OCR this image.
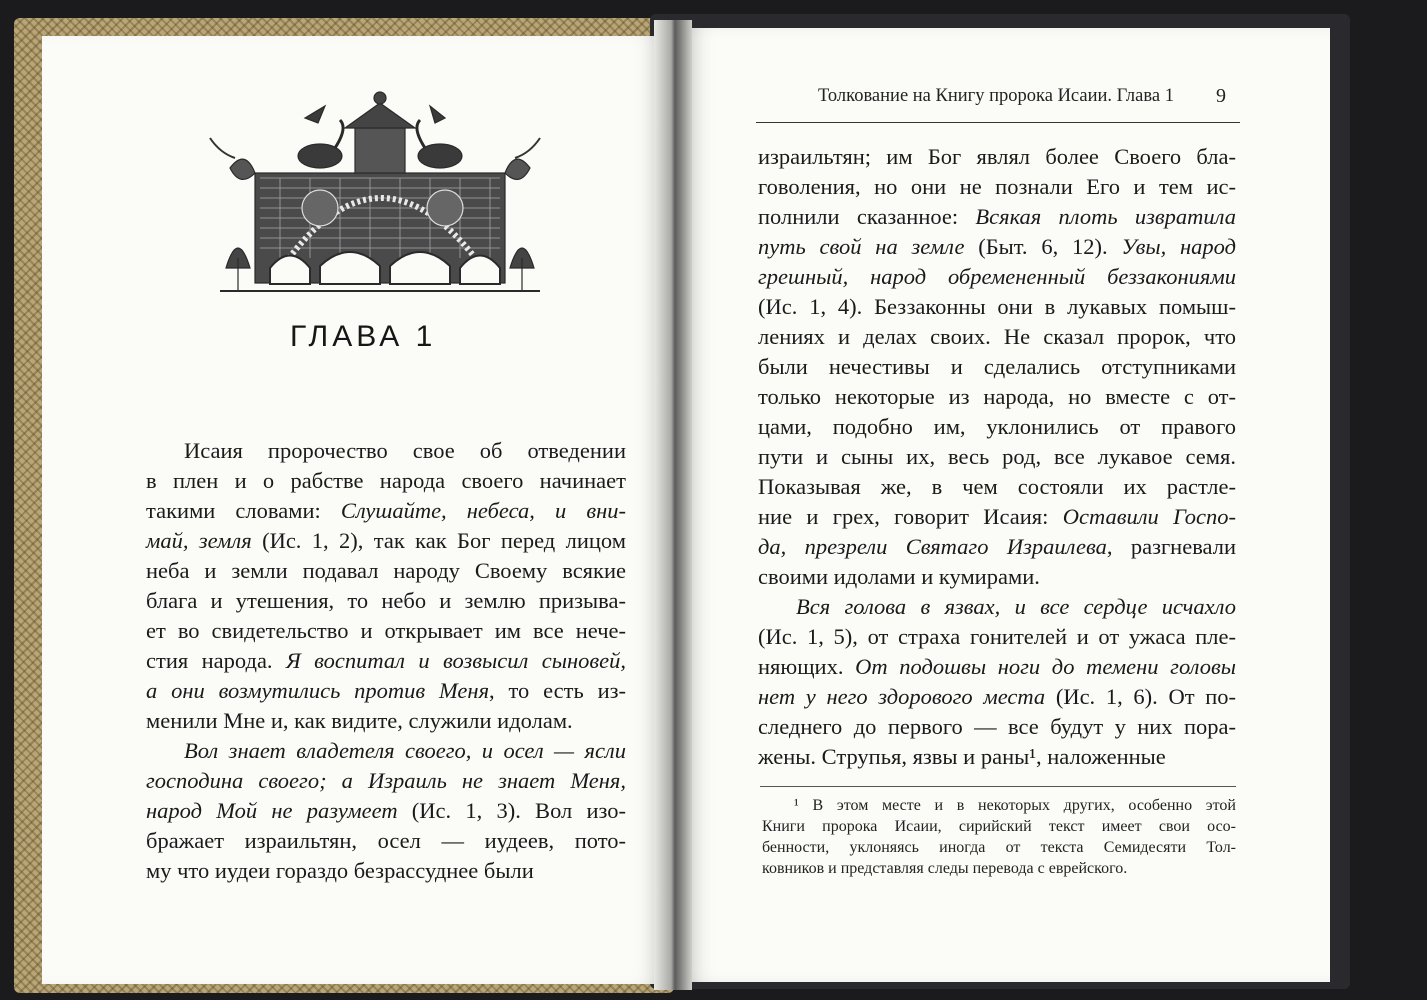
ГЛАВА 1
Исаия пророчество свое об отведении
в плен и о рабстве народа своего начинает
такими словами: Слушайте, небеса, и вни-
май, земля (Ис. 1, 2), так как Бог перед лицом
неба и земли подавал народу Своему всякие
блага и утешения, то небо и землю призыва-
ет во свидетельство и открывает им все нече-
стия народа. Я воспитал и возвысил сыновей,
а они возмутились против Меня, то есть из-
менили Мне и, как видите, служили идолам.
Вол знает владетеля своего, и осел — ясли
господина своего; а Израиль не знает Меня,
народ Мой не разумеет (Ис. 1, 3). Вол изо-
бражает израильтян, осел — иудеев, пото-
му что иудеи гораздо безрассуднее были
Толкование на Книгу пророка Исаии. Глава 1 9
израильтян; им Бог являл более Своего бла-
говоления, но они не познали Его и тем ис-
полнили сказанное: Всякая плоть извратила
путь свой на земле (Быт. 6, 12). Увы, народ
грешный, народ обремененный беззакониями
(Ис. 1, 4). Беззаконны они в лукавых помыш-
лениях и делах своих. Не сказал пророк, что
были нечестивы и сделались отступниками
только некоторые из народа, но вместе с от-
цами, подобно им, уклонились от правого
пути и сыны их, весь род, все лукавое семя.
Показывая же, в чем состояли их растле-
ние и грех, говорит Исаия: Оставили Госпо-
да, презрели Святаго Израилева, разгневали
своими идолами и кумирами.
Вся голова в язвах, и все сердце исчахло
(Ис. 1, 5), от страха гонителей и от ужаса пле-
няющих. От подошвы ноги до темени головы
нет у него здорового места (Ис. 1, 6). От по-
следнего до первого — все будут у них пора-
жены. Струпья, язвы и раны¹, наложенные
¹ В этом месте и в некоторых других, особенно этой
Книги пророка Исаии, сирийский текст имеет свои осо-
бенности, уклоняясь иногда от текста Семидесяти Тол-
ковников и представляя следы перевода с еврейского.
